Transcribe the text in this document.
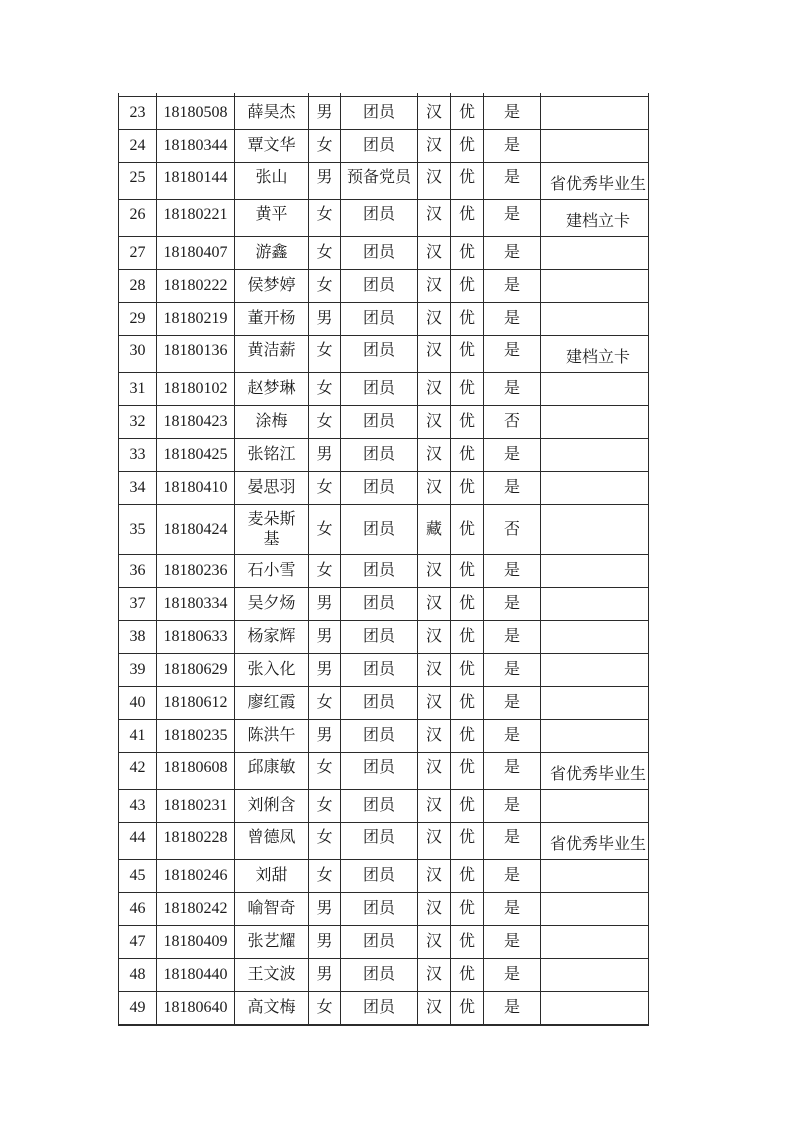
23	18180508	薛昊杰	男	团员	汉	优	是	
24	18180344	覃文华	女	团员	汉	优	是	
25	18180144	张山	男	预备党员	汉	优	是	省优秀毕业生
26	18180221	黄平	女	团员	汉	优	是	建档立卡
27	18180407	游鑫	女	团员	汉	优	是	
28	18180222	侯梦婷	女	团员	汉	优	是	
29	18180219	董开杨	男	团员	汉	优	是	
30	18180136	黄洁薪	女	团员	汉	优	是	建档立卡
31	18180102	赵梦琳	女	团员	汉	优	是	
32	18180423	涂梅	女	团员	汉	优	否	
33	18180425	张铭江	男	团员	汉	优	是	
34	18180410	晏思羽	女	团员	汉	优	是	
35	18180424	麦朵斯基	女	团员	藏	优	否	
36	18180236	石小雪	女	团员	汉	优	是	
37	18180334	吴夕炀	男	团员	汉	优	是	
38	18180633	杨家辉	男	团员	汉	优	是	
39	18180629	张入化	男	团员	汉	优	是	
40	18180612	廖红霞	女	团员	汉	优	是	
41	18180235	陈洪午	男	团员	汉	优	是	
42	18180608	邱康敏	女	团员	汉	优	是	省优秀毕业生
43	18180231	刘俐含	女	团员	汉	优	是	
44	18180228	曾德凤	女	团员	汉	优	是	省优秀毕业生
45	18180246	刘甜	女	团员	汉	优	是	
46	18180242	喻智奇	男	团员	汉	优	是	
47	18180409	张艺耀	男	团员	汉	优	是	
48	18180440	王文波	男	团员	汉	优	是	
49	18180640	高文梅	女	团员	汉	优	是	
